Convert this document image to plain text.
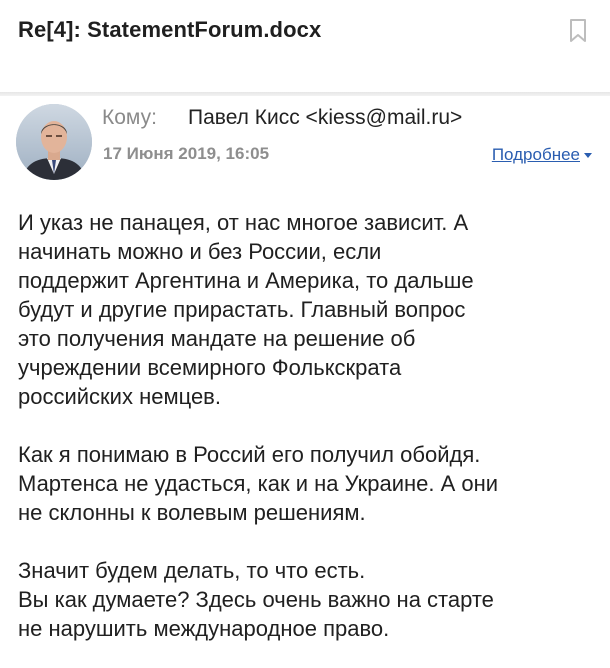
Re[4]: StatementForum.docx
Кому: Павел Кисс <kiess@mail.ru>
17 Июня 2019, 16:05	Подробнее
И указ не панацея, от нас многое зависит. А
начинать можно и без России, если
поддержит Аргентина и Америка, то дальше
будут и другие прирастать. Главный вопрос
это получения мандате на решение об
учреждении всемирного Фолькскрата
российских немцев.
Как я понимаю в Россий его получил обойдя.
Мартенса не удасться, как и на Украине. А они
не склонны к волевым решениям.
Значит будем делать, то что есть.
Вы как думаете? Здесь очень важно на старте
не нарушить международное право.
